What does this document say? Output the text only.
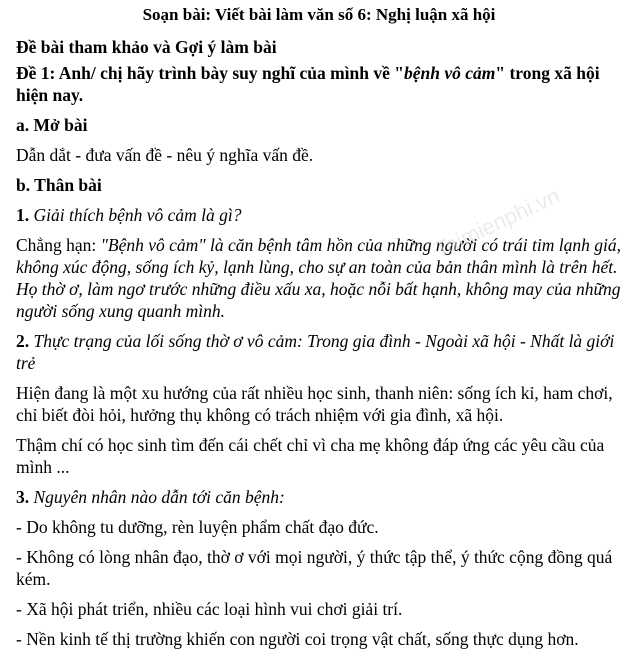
Soạn bài: Viết bài làm văn số 6: Nghị luận xã hội
Đề bài tham khảo và Gợi ý làm bài
Đề 1: Anh/ chị hãy trình bày suy nghĩ của mình về "bệnh vô cảm" trong xã hội hiện nay.
a. Mở bài
Dẫn dắt - đưa vấn đề - nêu ý nghĩa vấn đề.
b. Thân bài
1. Giải thích bệnh vô cảm là gì?
Chẳng hạn: "Bệnh vô cảm" là căn bệnh tâm hồn của những người có trái tim lạnh giá, không xúc động, sống ích kỷ, lạnh lùng, cho sự an toàn của bản thân mình là trên hết. Họ thờ ơ, làm ngơ trước những điều xấu xa, hoặc nỗi bất hạnh, không may của những người sống xung quanh mình.
2. Thực trạng của lối sống thờ ơ vô cảm: Trong gia đình - Ngoài xã hội - Nhất là giới trẻ
Hiện đang là một xu hướng của rất nhiều học sinh, thanh niên: sống ích kỉ, ham chơi, chỉ biết đòi hỏi, hưởng thụ không có trách nhiệm với gia đình, xã hội.
Thậm chí có học sinh tìm đến cái chết chỉ vì cha mẹ không đáp ứng các yêu cầu của mình ...
3. Nguyên nhân nào dẫn tới căn bệnh:
- Do không tu dưỡng, rèn luyện phẩm chất đạo đức.
- Không có lòng nhân đạo, thờ ơ với mọi người, ý thức tập thể, ý thức cộng đồng quá kém.
- Xã hội phát triển, nhiều các loại hình vui chơi giải trí.
- Nền kinh tế thị trường khiến con người coi trọng vật chất, sống thực dụng hơn.
Taimienphi.vn
